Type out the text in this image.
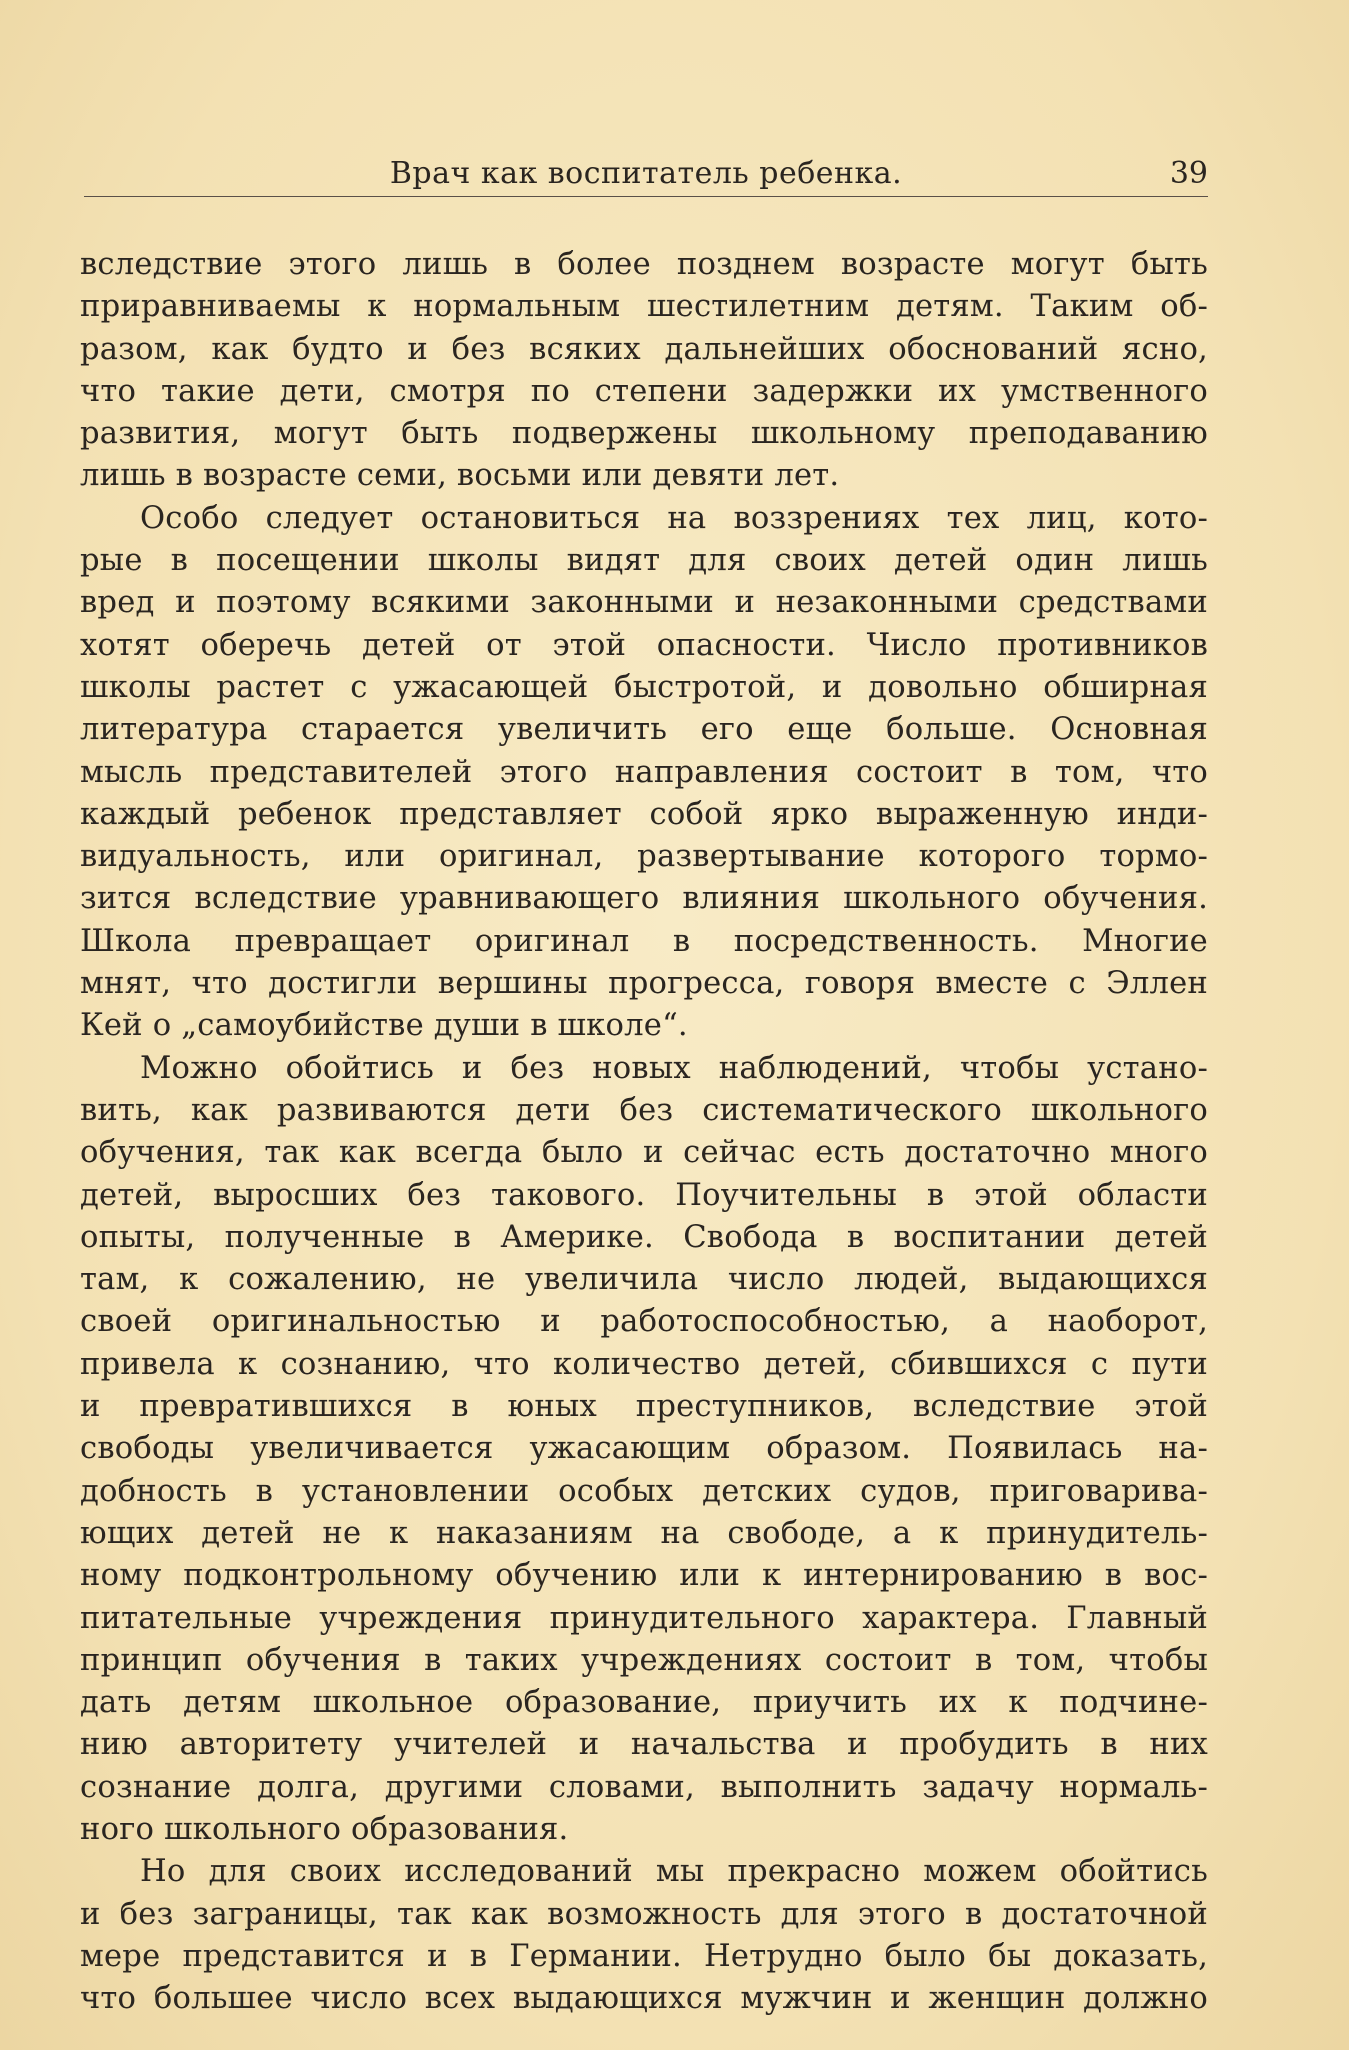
Врач как воспитатель ребенка.	39
вследствие этого лишь в более позднем возрасте могут быть
приравниваемы к нормальным шестилетним детям. Таким об-
разом, как будто и без всяких дальнейших обоснований ясно,
что такие дети, смотря по степени задержки их умственного
развития, могут быть подвержены школьному преподаванию
лишь в возрасте семи, восьми или девяти лет.
Особо следует остановиться на воззрениях тех лиц, кото-
рые в посещении школы видят для своих детей один лишь
вред и поэтому всякими законными и незаконными средствами
хотят оберечь детей от этой опасности. Число противников
школы растет с ужасающей быстротой, и довольно обширная
литература старается увеличить его еще больше. Основная
мысль представителей этого направления состоит в том, что
каждый ребенок представляет собой ярко выраженную инди-
видуальность, или оригинал, развертывание которого тормо-
зится вследствие уравнивающего влияния школьного обучения.
Школа превращает оригинал в посредственность. Многие
мнят, что достигли вершины прогресса, говоря вместе с Эллен
Кей о „самоубийстве души в школе“.
Можно обойтись и без новых наблюдений, чтобы устано-
вить, как развиваются дети без систематического школьного
обучения, так как всегда было и сейчас есть достаточно много
детей, выросших без такового. Поучительны в этой области
опыты, полученные в Америке. Свобода в воспитании детей
там, к сожалению, не увеличила число людей, выдающихся
своей оригинальностью и работоспособностью, а наоборот,
привела к сознанию, что количество детей, сбившихся с пути
и превратившихся в юных преступников, вследствие этой
свободы увеличивается ужасающим образом. Появилась на-
добность в установлении особых детских судов, приговарива-
ющих детей не к наказаниям на свободе, а к принудитель-
ному подконтрольному обучению или к интернированию в вос-
питательные учреждения принудительного характера. Главный
принцип обучения в таких учреждениях состоит в том, чтобы
дать детям школьное образование, приучить их к подчине-
нию авторитету учителей и начальства и пробудить в них
сознание долга, другими словами, выполнить задачу нормаль-
ного школьного образования.
Но для своих исследований мы прекрасно можем обойтись
и без заграницы, так как возможность для этого в достаточной
мере представится и в Германии. Нетрудно было бы доказать,
что большее число всех выдающихся мужчин и женщин должно
